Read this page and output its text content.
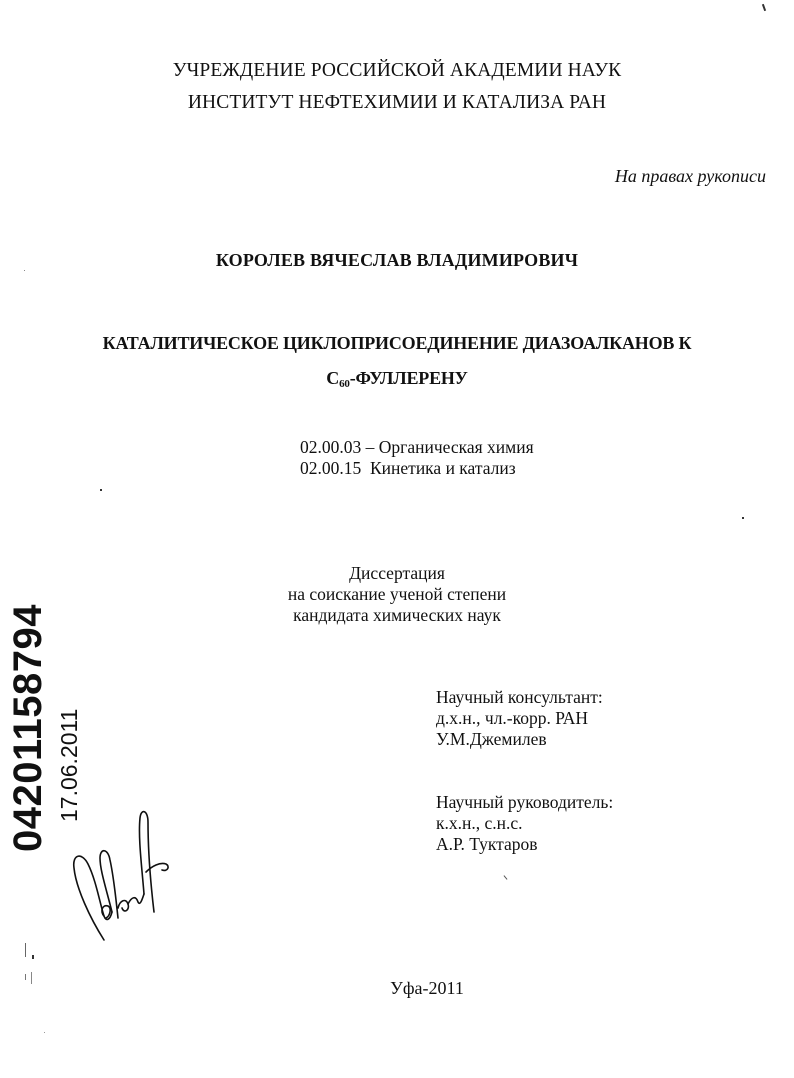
УЧРЕЖДЕНИЕ РОССИЙСКОЙ АКАДЕМИИ НАУК
ИНСТИТУТ НЕФТЕХИМИИ И КАТАЛИЗА РАН
На правах рукописи
КОРОЛЕВ ВЯЧЕСЛАВ ВЛАДИМИРОВИЧ
КАТАЛИТИЧЕСКОЕ ЦИКЛОПРИСОЕДИНЕНИЕ ДИАЗОАЛКАНОВ К
$С_{60}$-ФУЛЛЕРЕНУ
02.00.03 – Органическая химия
02.00.15  Кинетика и катализ
Диссертация
на соискание ученой степени
кандидата химических наук
Научный консультант:
д.х.н., чл.-корр. РАН
У.М.Джемилев
Научный руководитель:
к.х.н., с.н.с.
А.Р. Туктаров
Уфа-2011
04201158794 17.06.2011
